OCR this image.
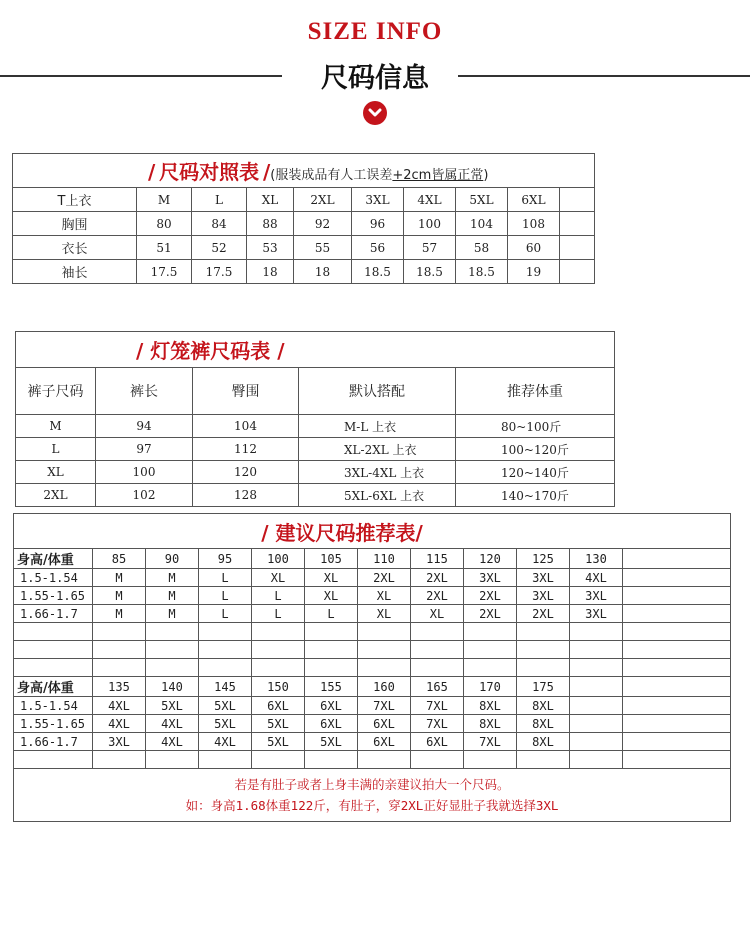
SIZE INFO
尺码信息
/ 尺码对照表 /(服装成品有人工误差+2cm皆属正常)									
T上衣	M	L	XL	2XL	3XL	4XL	5XL	6XL	
胸围	80	84	88	92	96	100	104	108	
衣长	51	52	53	55	56	57	58	60	
袖长	17.5	17.5	18	18	18.5	18.5	18.5	19	
/ 灯笼裤尺码表 /				
裤子尺码	裤长	臀围	默认搭配	推荐体重
M	94	104	M-L 上衣	80~100斤
L	97	112	XL-2XL 上衣	100~120斤
XL	100	120	3XL-4XL 上衣	120~140斤
2XL	102	128	5XL-6XL 上衣	140~170斤
/ 建议尺码推荐表/											
身高/体重	85	90	95	100	105	110	115	120	125	130	
1.5-1.54	M	M	L	XL	XL	2XL	2XL	3XL	3XL	4XL	
1.55-1.65	M	M	L	L	XL	XL	2XL	2XL	3XL	3XL	
1.66-1.7	M	M	L	L	L	XL	XL	2XL	2XL	3XL	

身高/体重	135	140	145	150	155	160	165	170	175		
1.5-1.54	4XL	5XL	5XL	6XL	6XL	7XL	7XL	8XL	8XL		
1.55-1.65	4XL	4XL	5XL	5XL	6XL	6XL	7XL	8XL	8XL		
1.66-1.7	3XL	4XL	4XL	5XL	5XL	6XL	6XL	7XL	8XL		

若是有肚子或者上身丰满的亲建议拍大一个尺码。
如：身高1.68体重122斤，有肚子，穿2XL正好显肚子我就选择3XL											
